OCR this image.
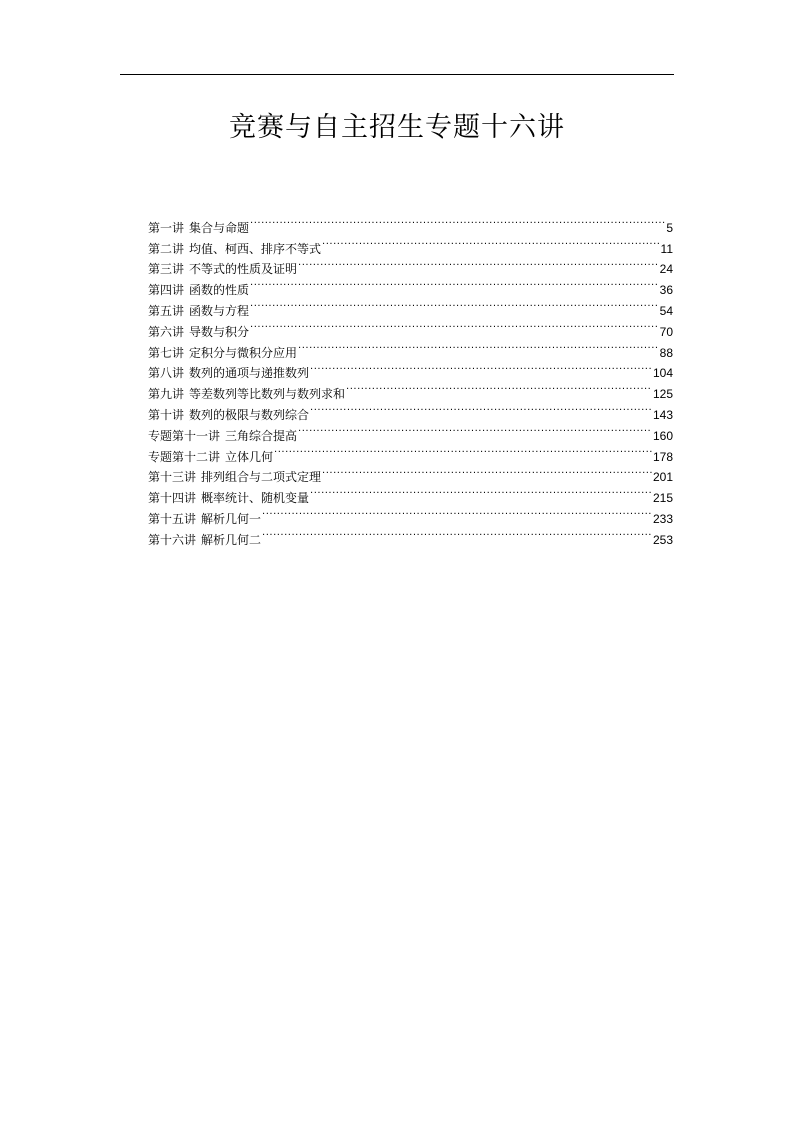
竞赛与自主招生专题十六讲
第一讲 集合与命题 .....	5
第二讲 均值、柯西、排序不等式 .....	11
第三讲 不等式的性质及证明 .....	24
第四讲 函数的性质 .....	36
第五讲 函数与方程 .....	54
第六讲 导数与积分 .....	70
第七讲 定积分与微积分应用 .....	88
第八讲 数列的通项与递推数列 .....	104
第九讲 等差数列等比数列与数列求和 .....	125
第十讲 数列的极限与数列综合 .....	143
专题第十一讲 三角综合提高 .....	160
专题第十二讲 立体几何 .....	178
第十三讲 排列组合与二项式定理 .....	201
第十四讲 概率统计、随机变量 .....	215
第十五讲 解析几何一 .....	233
第十六讲 解析几何二 .....	253
